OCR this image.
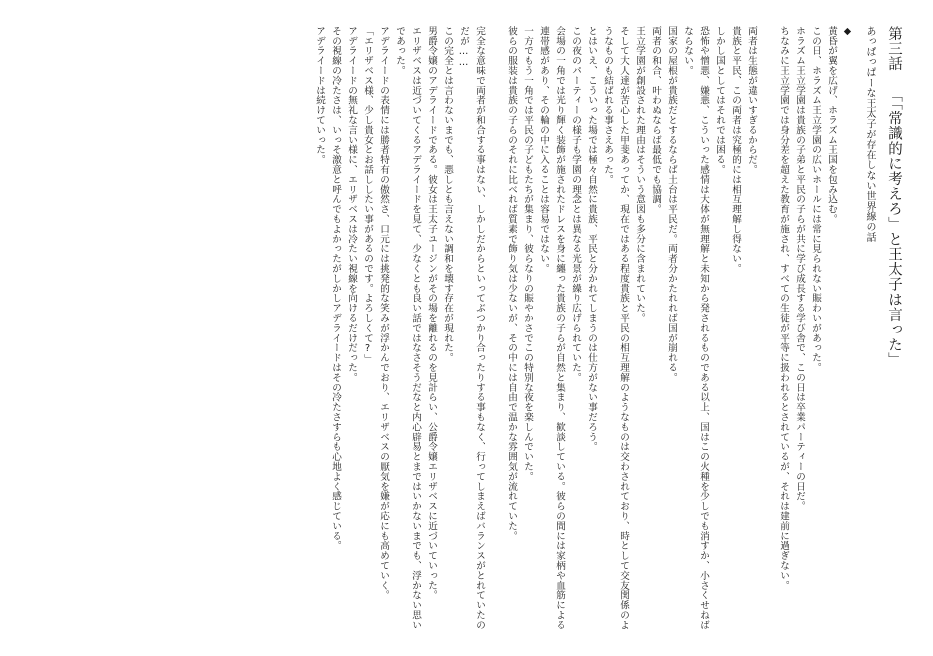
第三話 「「常識的に考えろ」と王太子は言った」

あっぱっぱーな王太子が存在しない世界線の話

◆

黄昏が翼を広げ、ホラズム王国を包み込む。

この日、ホラズム王立学園の広いホールには常に見られない賑わいがあった。

ホラズム王立学園は貴族の子弟と平民の子らが共に学び成長する学び舎で、この日は卒業パーティーの日だ。

ちなみに王立学園では身分差を超えた教育が施され、すべての生徒が平等に扱われるとされているが、それは建前に過ぎない。

両者は生態が違いすぎるからだ。

貴族と平民、この両者は究極的には相互理解し得ない。

しかし国としてはそれでは困る。

恐怖や憎悪、嫌悪、こういった感情は大体が無理解と未知から発されるものである以上、国はこの火種を少しでも消すか、小さくせねばならない。

国家の屋根が貴族だとするならば土台は平民だ。両者分かたれれば国が崩れる。

両者の和合、叶わぬならば最低でも協調。

王立学園が創設された理由はそういう意図も多分に含まれていた。

そして大人達が苦心した甲斐あってか、現在ではある程度貴族と平民の相互理解のようなものは交わされており、時として交友関係のようなものも結ばれる事さえあった。

とはいえ、こういった場では極々自然に貴族、平民と分かれてしまうのは仕方がない事だろう。

この夜のパーティーの様子も学園の理念とは異なる光景が繰り広げられていた。

会場の一角では光り輝く装飾が施されたドレスを身に纏った貴族の子らが自然と集まり、歓談している。彼らの間には家柄や血筋による連帯感があり、その輪の中に入ることは容易ではない。

一方でもう一角では平民の子どもたちが集まり、彼らなりの賑やかさでこの特別な夜を楽しんでいた。

彼らの服装は貴族の子らのそれに比べれば質素で飾り気は少ないが、その中には自由で温かな雰囲気が流れていた。

完全な意味で両者が和合する事はない、しかしだからといってぶつかり合ったりする事もなく、行ってしまえばバランスがとれていたのだが……

この完全とは言わないまでも、悪しとも言えない調和を壊す存在が現れた。

男爵令嬢のアデライードである。彼女は王太子ユージンがその場を離れるのを見計らい、公爵令嬢エリザベスに近づいていった。

エリザベスは近づいてくるアデライードを見て、少なくとも良い話ではなさそうだなと内心辟易とまではいかないまでも、浮かない思いであった。

アデライードの表情には勝者特有の傲然さ、口元には挑発的な笑みが浮かんでおり、エリザベスの厭気を嫌が応にも高めていく。

「エリザベス様、少し貴女とお話ししたい事があるのです。よろしくて?」

アデライードの無礼な言い様に、エリザベスは冷たい視線を向けるだけだった。

その視線の冷たさは、いっそ激意と呼んでもよかったがしかしアデライードはその冷たさすらも心地よく感じている。

アデライードは続けていった。
